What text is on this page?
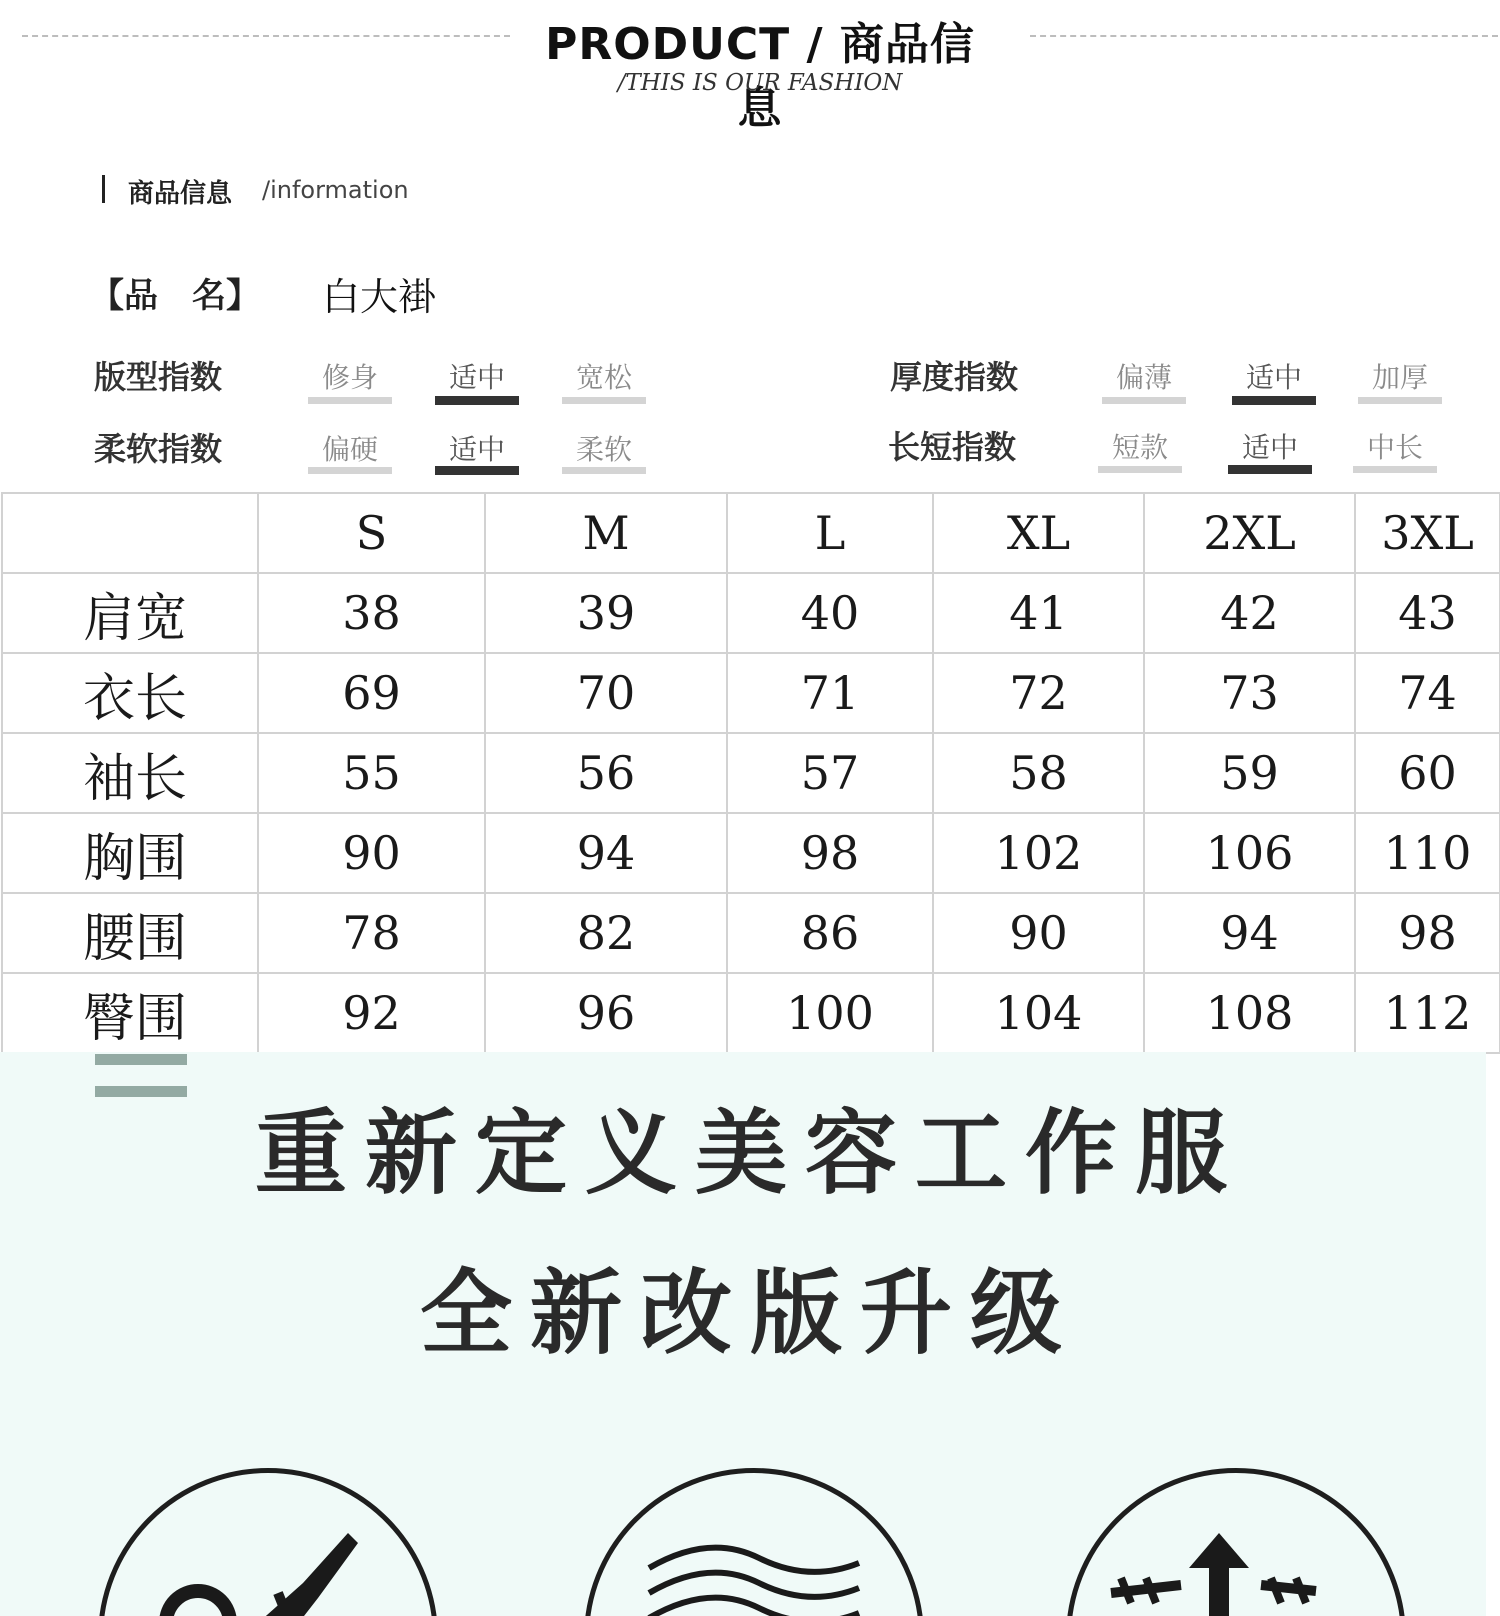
PRODUCT / 商品信息
/THIS IS OUR FASHION
商品信息 /information
【品　名】 白大褂
版型指数	修身	适中	宽松	厚度指数	偏薄	适中	加厚
柔软指数	偏硬	适中	柔软	长短指数	短款	适中	中长
	S	M	L	XL	2XL	3XL
肩宽	38	39	40	41	42	43
衣长	69	70	71	72	73	74
袖长	55	56	57	58	59	60
胸围	90	94	98	102	106	110
腰围	78	82	86	90	94	98
臀围	92	96	100	104	108	112
重新定义美容工作服
全新改版升级
